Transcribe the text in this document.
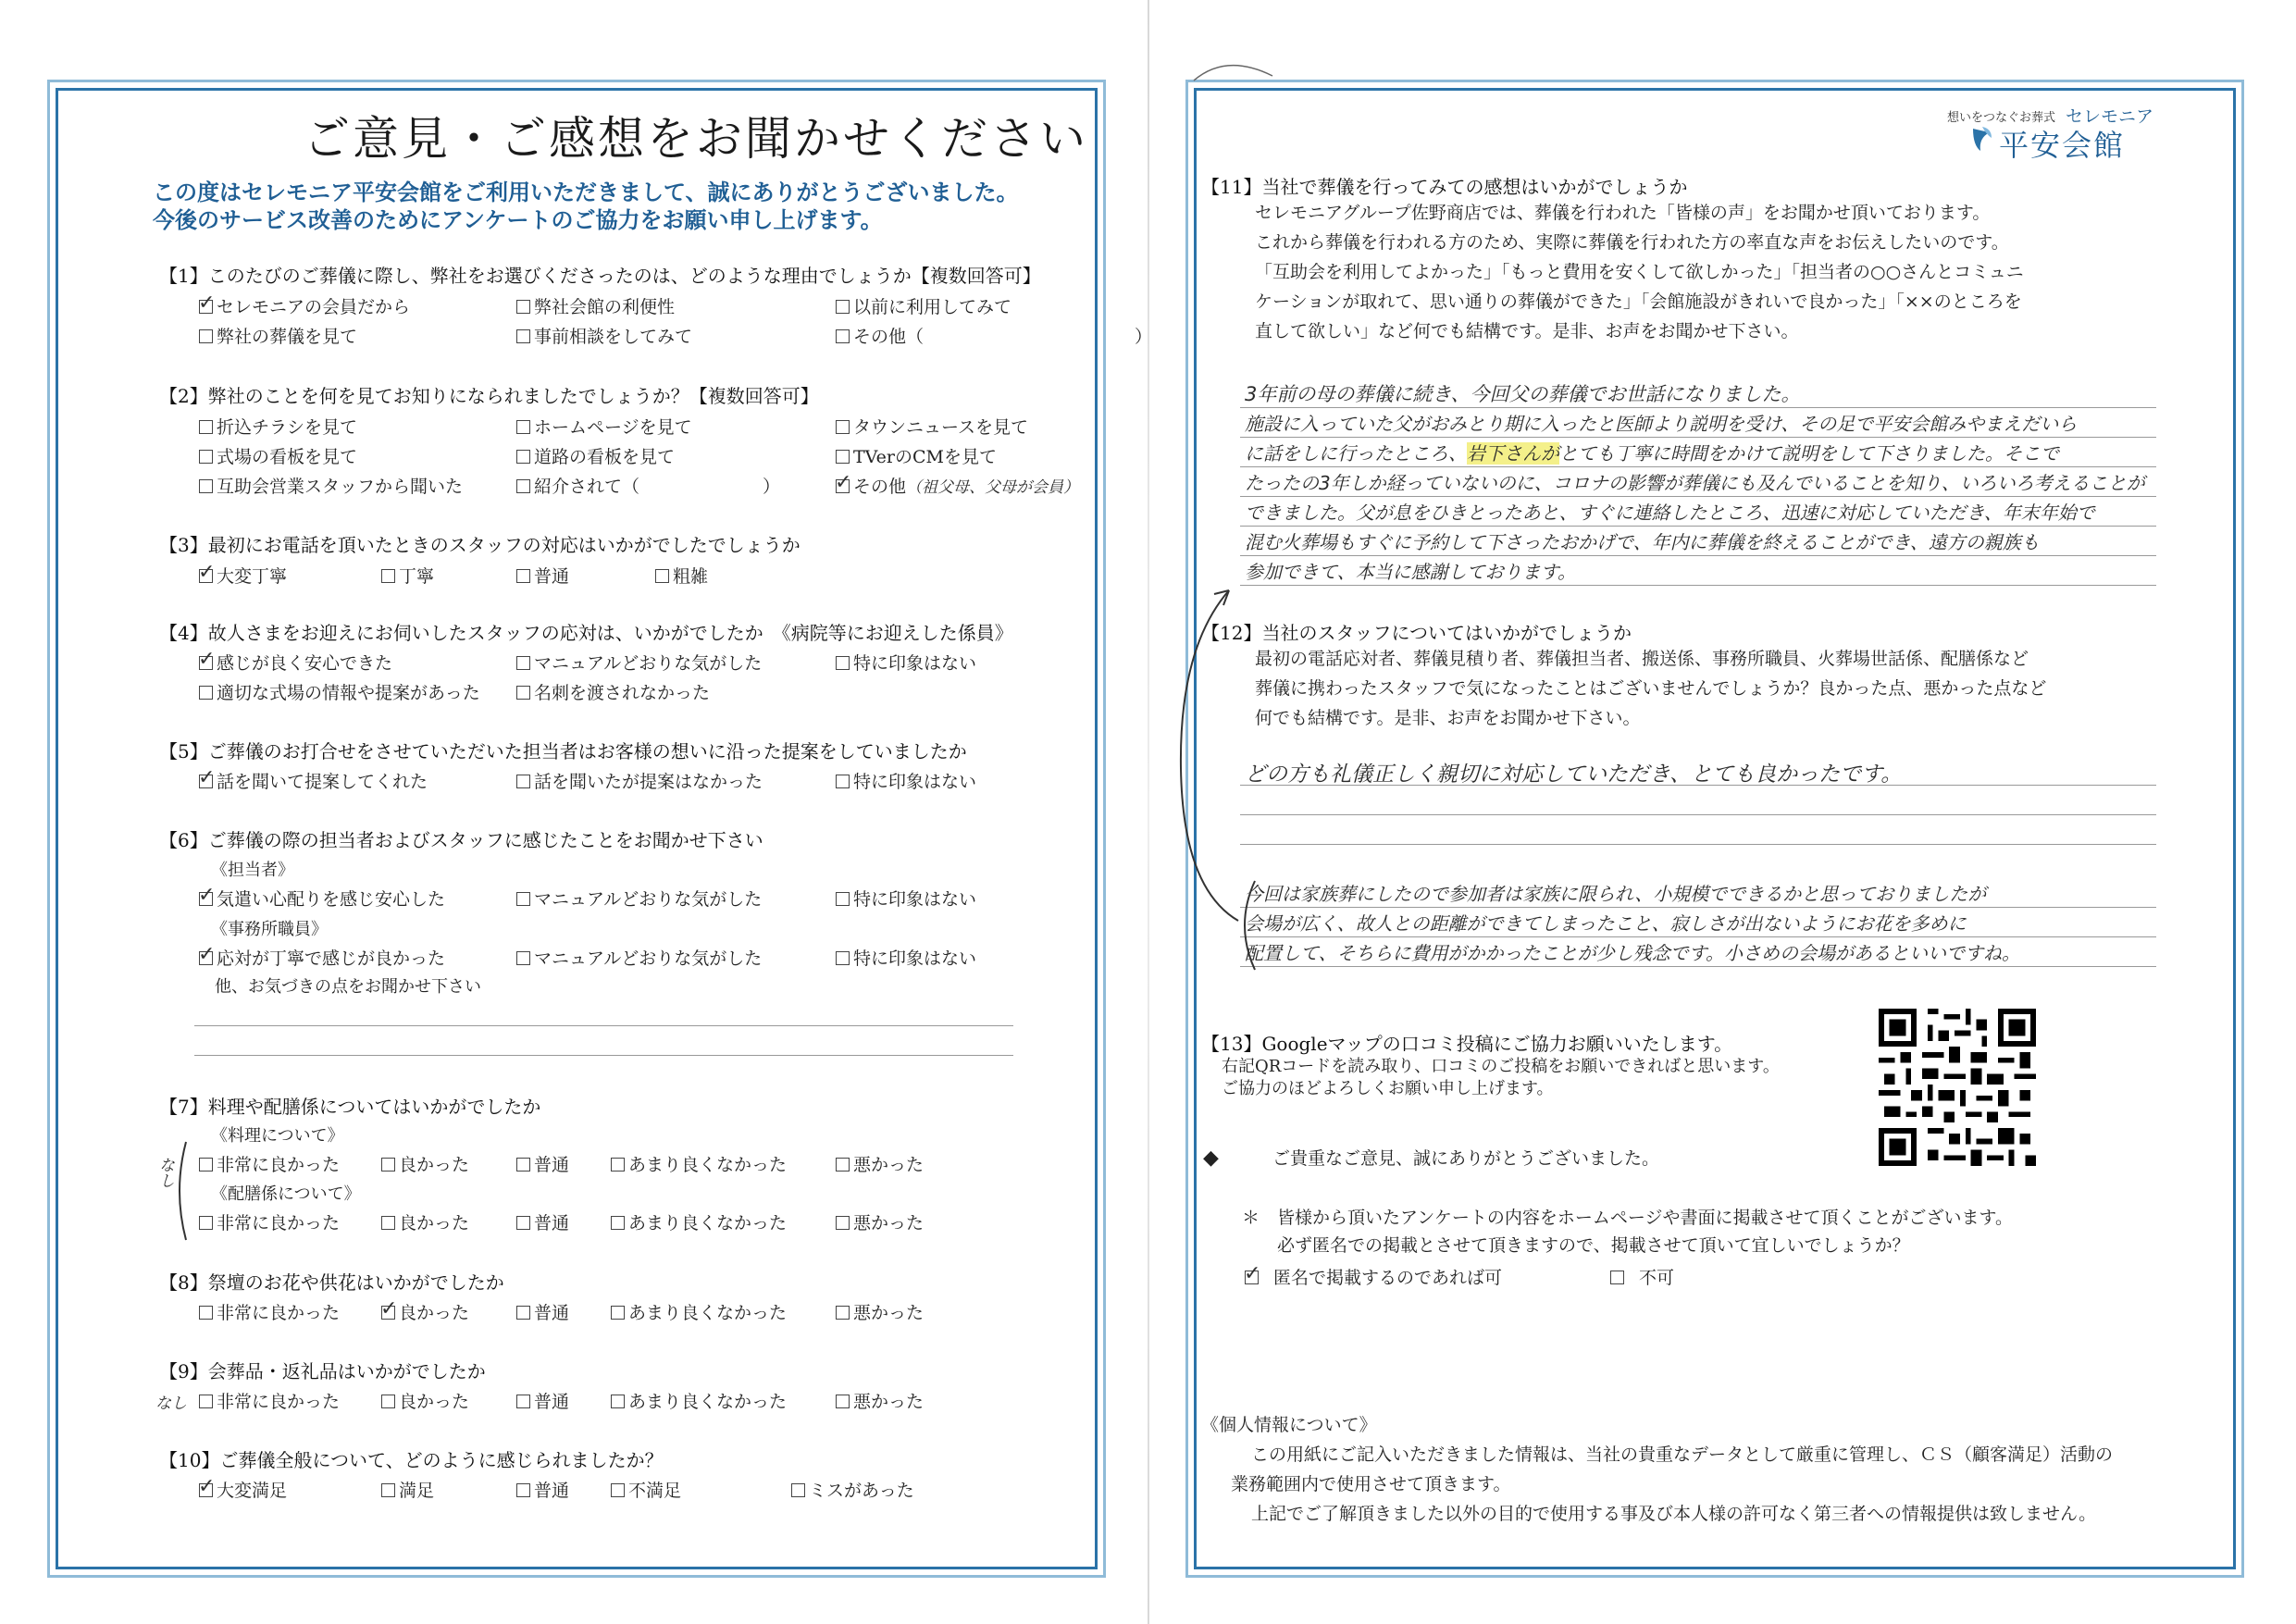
ご意見・ご感想をお聞かせください
この度はセレモニア平安会館をご利用いただきまして、誠にありがとうございました。
今後のサービス改善のためにアンケートのご協力をお願い申し上げます。
【1】このたびのご葬儀に際し、弊社をお選びくださったのは、どのような理由でしょうか【複数回答可】
✓セレモニアの会員だから	弊社会館の利便性	以前に利用してみて
弊社の葬儀を見て	事前相談をしてみて	その他（　　　　　　　　　　　　）
【2】弊社のことを何を見てお知りになられましたでしょうか？【複数回答可】
折込チラシを見て	ホームページを見て	タウンニュースを見て
式場の看板を見て	道路の看板を見て	TVerのCMを見て
互助会営業スタッフから聞いた	紹介されて（　　　　　　　） ✓	その他（祖父母、父母が会員）
【3】最初にお電話を頂いたときのスタッフの対応はいかがでしたでしょうか
✓大変丁寧	丁寧	普通	粗雑
【4】故人さまをお迎えにお伺いしたスタッフの応対は、いかがでしたか　《病院等にお迎えした係員》
✓感じが良く安心できた	マニュアルどおりな気がした	特に印象はない
適切な式場の情報や提案があった	名刺を渡されなかった
【5】ご葬儀のお打合せをさせていただいた担当者はお客様の想いに沿った提案をしていましたか
✓話を聞いて提案してくれた	話を聞いたが提案はなかった	特に印象はない
【6】ご葬儀の際の担当者およびスタッフに感じたことをお聞かせ下さい
《担当者》
✓気遣い心配りを感じ安心した	マニュアルどおりな気がした	特に印象はない
《事務所職員》
✓応対が丁寧で感じが良かった	マニュアルどおりな気がした	特に印象はない
他、お気づきの点をお聞かせ下さい
【7】料理や配膳係についてはいかがでしたか
《料理について》
非常に良かった	良かった	普通	あまり良くなかった	悪かった
《配膳係について》
非常に良かった	良かった	普通	あまり良くなかった	悪かった
なし
【8】祭壇のお花や供花はいかがでしたか
非常に良かった ✓	良かった	普通	あまり良くなかった	悪かった
【9】会葬品・返礼品はいかがでしたか
なし	非常に良かった	良かった	普通	あまり良くなかった	悪かった
【10】ご葬儀全般について、どのように感じられましたか？
✓大変満足	満足	普通	不満足	ミスがあった
想いをつなぐお葬式 セレモニア
平安会館
【11】当社で葬儀を行ってみての感想はいかがでしょうか
セレモニアグループ佐野商店では、葬儀を行われた「皆様の声」をお聞かせ頂いております。
これから葬儀を行われる方のため、実際に葬儀を行われた方の率直な声をお伝えしたいのです。
「互助会を利用してよかった」「もっと費用を安くして欲しかった」「担当者の○○さんとコミュニ
ケーションが取れて、思い通りの葬儀ができた」「会館施設がきれいで良かった」「××のところを
直して欲しい」など何でも結構です。是非、お声をお聞かせ下さい。
3年前の母の葬儀に続き、今回父の葬儀でお世話になりました。
施設に入っていた父がおみとり期に入ったと医師より説明を受け、その足で平安会館みやまえだいら
に話をしに行ったところ、岩下さんがとても丁寧に時間をかけて説明をして下さりました。そこで
たったの3年しか経っていないのに、コロナの影響が葬儀にも及んでいることを知り、いろいろ考えることが
できました。父が息をひきとったあと、すぐに連絡したところ、迅速に対応していただき、年末年始で
混む火葬場もすぐに予約して下さったおかげで、年内に葬儀を終えることができ、遠方の親族も
参加できて、本当に感謝しております。
【12】当社のスタッフについてはいかがでしょうか
最初の電話応対者、葬儀見積り者、葬儀担当者、搬送係、事務所職員、火葬場世話係、配膳係など
葬儀に携わったスタッフで気になったことはございませんでしょうか？良かった点、悪かった点など
何でも結構です。是非、お声をお聞かせ下さい。
どの方も礼儀正しく親切に対応していただき、とても良かったです。
今回は家族葬にしたので参加者は家族に限られ、小規模でできるかと思っておりましたが
会場が広く、故人との距離ができてしまったこと、寂しさが出ないようにお花を多めに
配置して、そちらに費用がかかったことが少し残念です。小さめの会場があるといいですね。
【13】Googleマップの口コミ投稿にご協力お願いいたします。
右記QRコードを読み取り、口コミのご投稿をお願いできればと思います。
ご協力のほどよろしくお願い申し上げます。
◆	ご貴重なご意見、誠にありがとうございました。
＊ 皆様から頂いたアンケートの内容をホームページや書面に掲載させて頂くことがございます。
必ず匿名での掲載とさせて頂きますので、掲載させて頂いて宜しいでしょうか？
✓匿名で掲載するのであれば可	不可
《個人情報について》
この用紙にご記入いただきました情報は、当社の貴重なデータとして厳重に管理し、ＣＳ（顧客満足）活動の
業務範囲内で使用させて頂きます。
上記でご了解頂きました以外の目的で使用する事及び本人様の許可なく第三者への情報提供は致しません。
